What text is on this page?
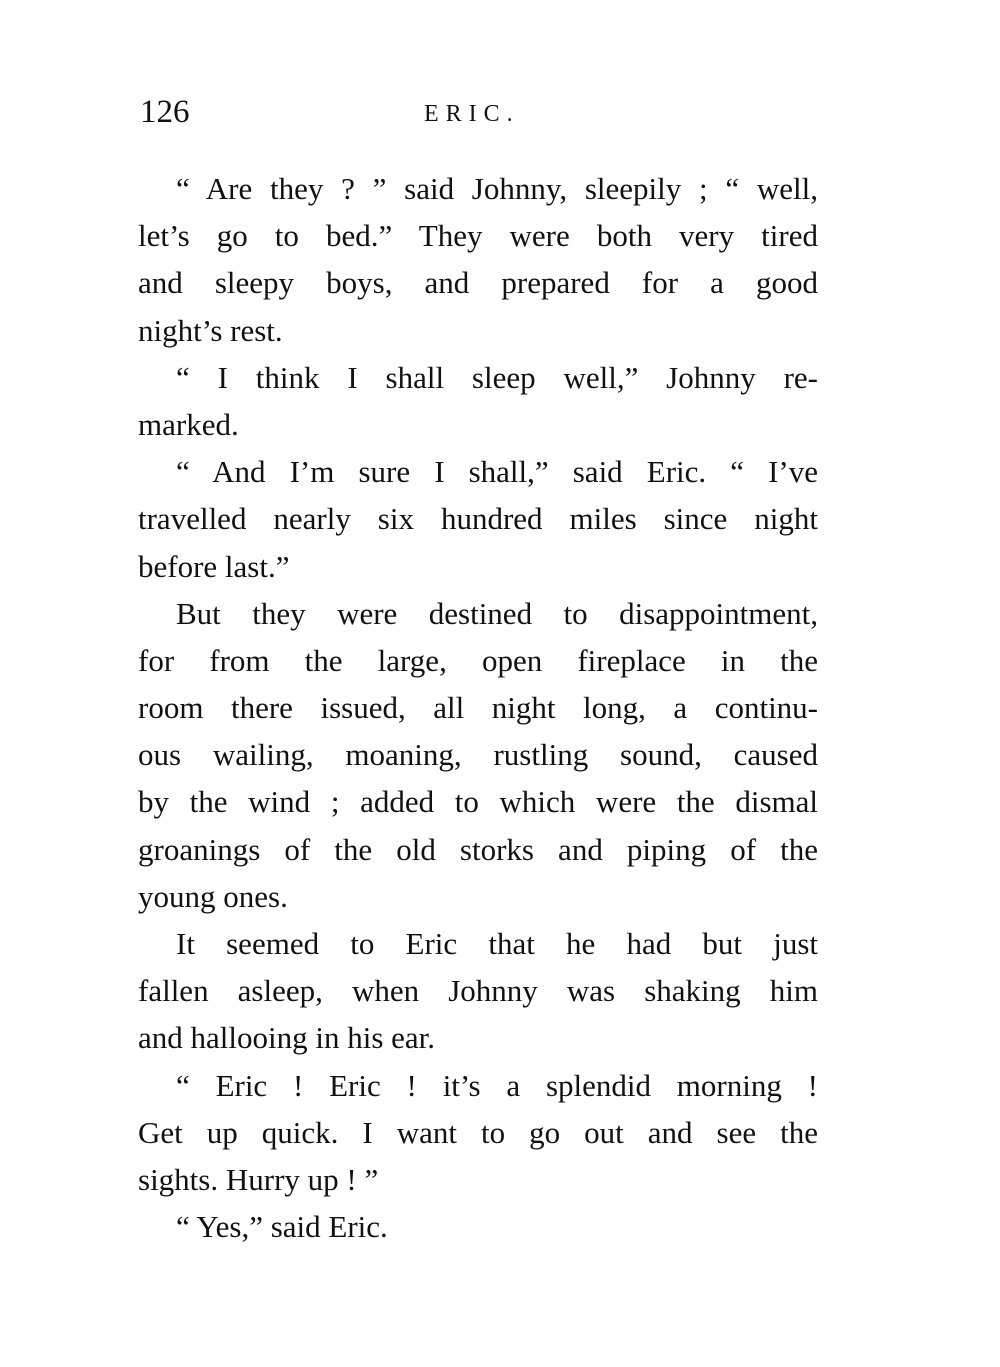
126	ERIC.
“ Are they ? ” said Johnny, sleepily ; “ well,
let’s go to bed.” They were both very tired
and sleepy boys, and prepared for a good
night’s rest.
“ I think I shall sleep well,” Johnny re-
marked.
“ And I’m sure I shall,” said Eric. “ I’ve
travelled nearly six hundred miles since night
before last.”
But they were destined to disappointment,
for from the large, open fireplace in the
room there issued, all night long, a continu-
ous wailing, moaning, rustling sound, caused
by the wind ; added to which were the dismal
groanings of the old storks and piping of the
young ones.
It seemed to Eric that he had but just
fallen asleep, when Johnny was shaking him
and hallooing in his ear.
“ Eric ! Eric ! it’s a splendid morning !
Get up quick. I want to go out and see the
sights. Hurry up ! ”
“ Yes,” said Eric.
